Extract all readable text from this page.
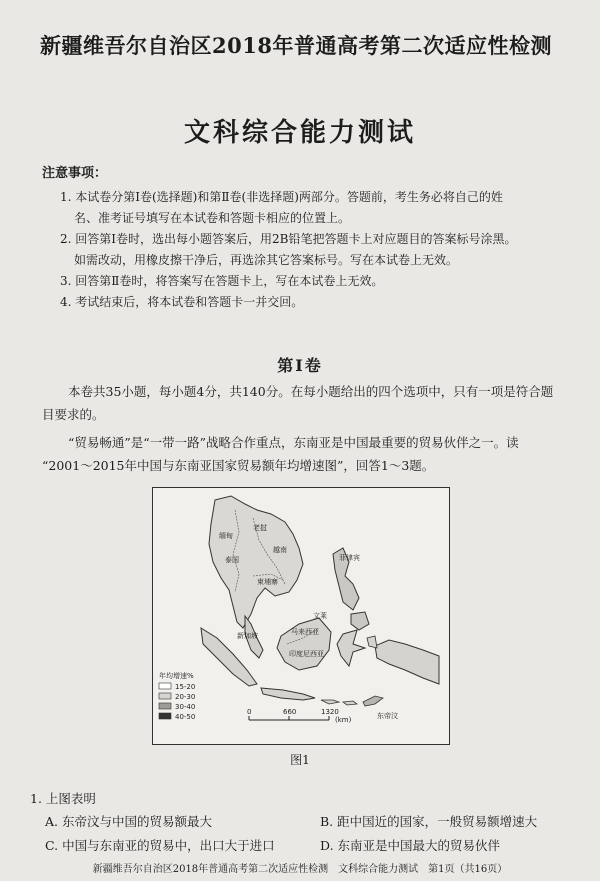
新疆维吾尔自治区2018年普通高考第二次适应性检测
文科综合能力测试
注意事项：
1. 本试卷分第Ⅰ卷(选择题)和第Ⅱ卷(非选择题)两部分。答题前，考生务必将自己的姓
名、准考证号填写在本试卷和答题卡相应的位置上。
2. 回答第Ⅰ卷时，选出每小题答案后，用2B铅笔把答题卡上对应题目的答案标号涂黑。
如需改动，用橡皮擦干净后，再选涂其它答案标号。写在本试卷上无效。
3. 回答第Ⅱ卷时，将答案写在答题卡上，写在本试卷上无效。
4. 考试结束后，将本试卷和答题卡一并交回。
第Ⅰ卷
本卷共35小题，每小题4分，共140分。在每小题给出的四个选项中，只有一项是符合题
目要求的。
“贸易畅通”是“一带一路”战略合作重点，东南亚是中国最重要的贸易伙伴之一。读
“2001～2015年中国与东南亚国家贸易额年均增速图”，回答1～3题。
缅甸
老挝
泰国
越南
柬埔寨
菲律宾
文莱
马来西亚
新加坡
印度尼西亚
东帝汶
年均增速%
15-20
20-30
30-40
40-50
0	660	1320
(km)
图1
1. 上图表明
A. 东帝汶与中国的贸易额最大	B. 距中国近的国家，一般贸易额增速大
C. 中国与东南亚的贸易中，出口大于进口	D. 东南亚是中国最大的贸易伙伴
新疆维吾尔自治区2018年普通高考第二次适应性检测　文科综合能力测试　第1页（共16页）
